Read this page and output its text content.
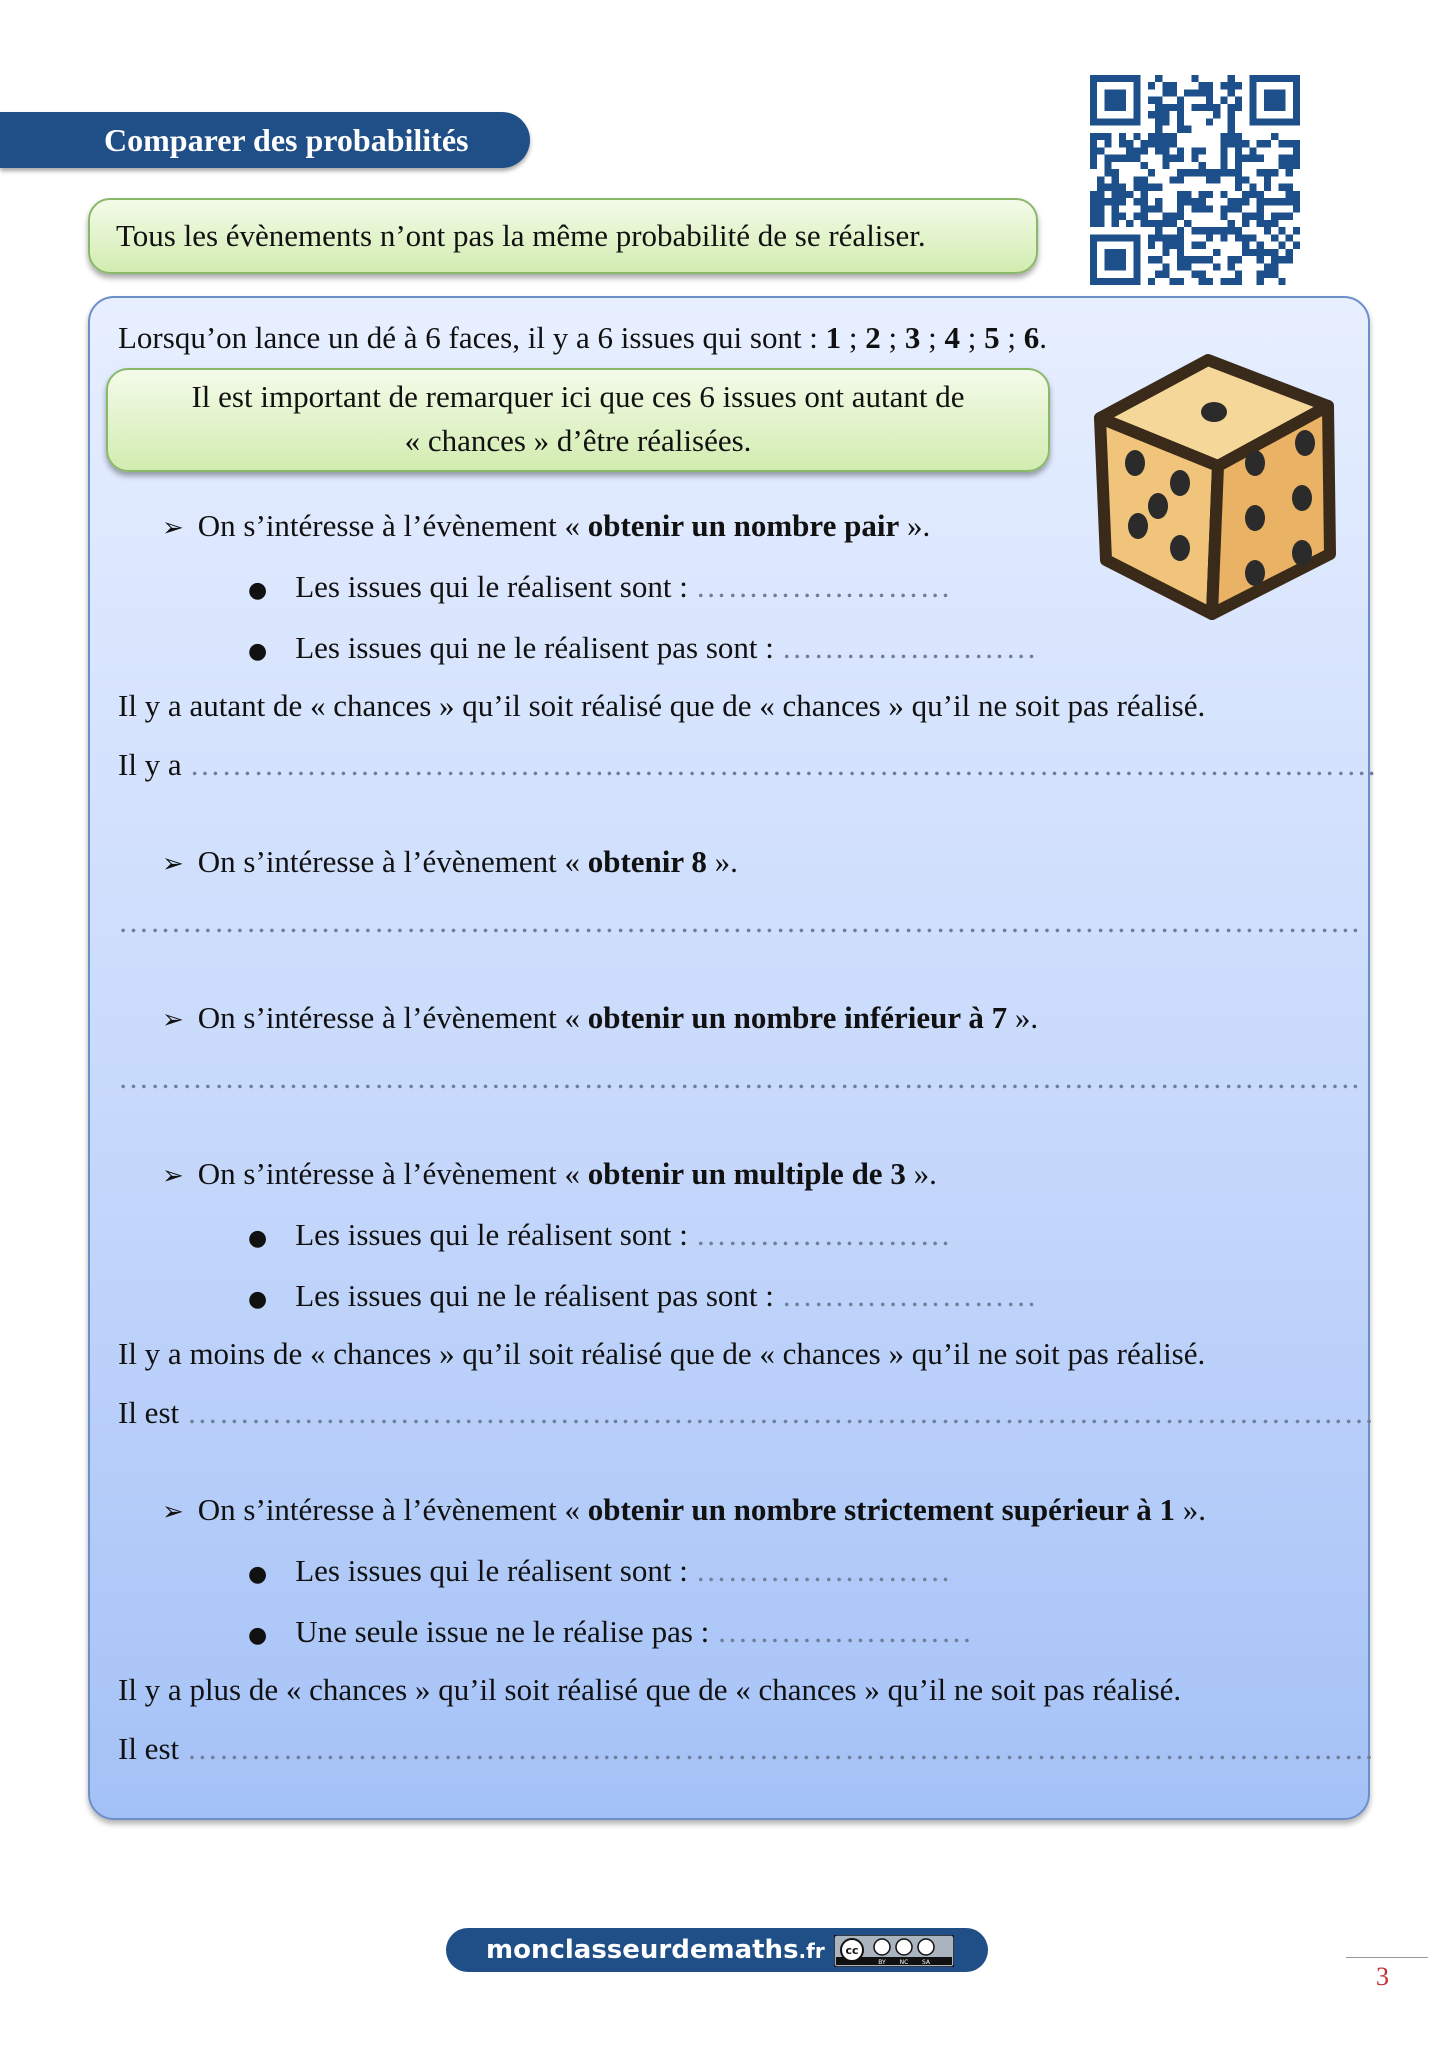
Comparer des probabilités
Tous les évènements n’ont pas la même probabilité de se réaliser.
Lorsqu’on lance un dé à 6 faces, il y a 6 issues qui sont : 1 ; 2 ; 3 ; 4 ; 5 ; 6.
Il est important de remarquer ici que ces 6 issues ont autant de
« chances » d’être réalisées.
➢ On s’intéresse à l’évènement « obtenir un nombre pair ».
● Les issues qui le réalisent sont : ……………………
● Les issues qui ne le réalisent pas sont : ……………………
Il y a autant de « chances » qu’il soit réalisé que de « chances » qu’il ne soit pas réalisé.
Il y a …………………………………..……………………………………………………….…….
➢ On s’intéresse à l’évènement « obtenir 8 ».
………………………………..…………………………………………………………………….
➢ On s’intéresse à l’évènement « obtenir un nombre inférieur à 7 ».
………………………………..…………………………………………………………………….
➢ On s’intéresse à l’évènement « obtenir un multiple de 3 ».
● Les issues qui le réalisent sont : ……………………
● Les issues qui ne le réalisent pas sont : ……………………
Il y a moins de « chances » qu’il soit réalisé que de « chances » qu’il ne soit pas réalisé.
Il est …………………………………..………………………………………………………….….
➢ On s’intéresse à l’évènement « obtenir un nombre strictement supérieur à 1 ».
● Les issues qui le réalisent sont : ……………………
● Une seule issue ne le réalise pas : ……………………
Il y a plus de « chances » qu’il soit réalisé que de « chances » qu’il ne soit pas réalisé.
Il est …………………………………..………………………………………………………….….
monclasseurdemaths.fr cc
BY NC SA	3
